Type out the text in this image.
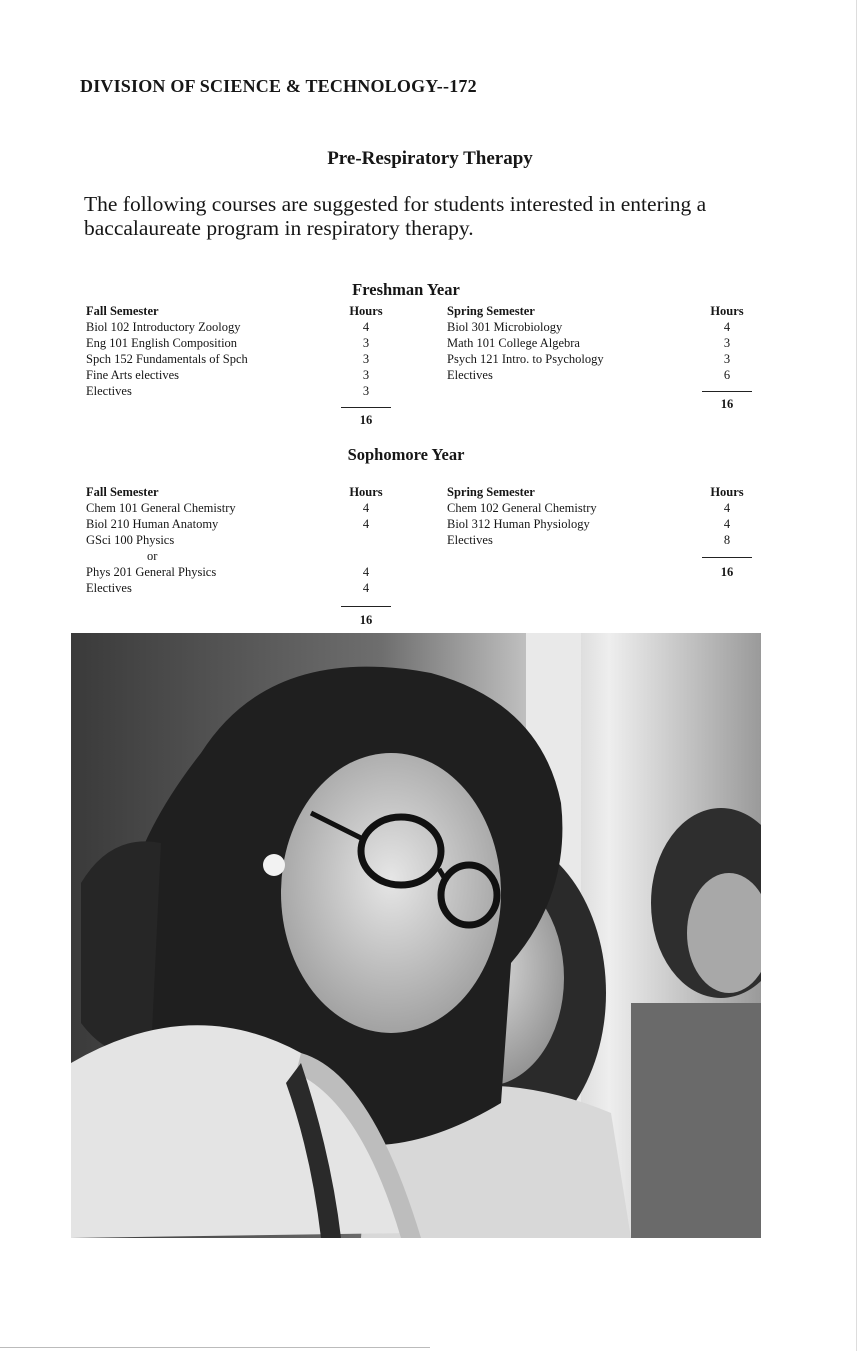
DIVISION OF SCIENCE & TECHNOLOGY--172
Pre-Respiratory Therapy
The following courses are suggested for students interested in entering a baccalaureate program in respiratory therapy.
Freshman Year
Fall Semester
Biol 102 Introductory Zoology
Eng 101 English Composition
Spch 152 Fundamentals of Spch
Fine Arts electives
Electives
Hours
4
3
3
3
3
16
Spring Semester
Biol 301 Microbiology
Math 101 College Algebra
Psych 121 Intro. to Psychology
Electives
Hours
4
3
3
6
16
Sophomore Year
Fall Semester
Chem 101 General Chemistry
Biol 210 Human Anatomy
GSci 100 Physics
or
Phys 201 General Physics
Electives
Hours
4
4
4
4
16
Spring Semester
Chem 102 General Chemistry
Biol 312 Human Physiology
Electives
Hours
4
4
8
16
